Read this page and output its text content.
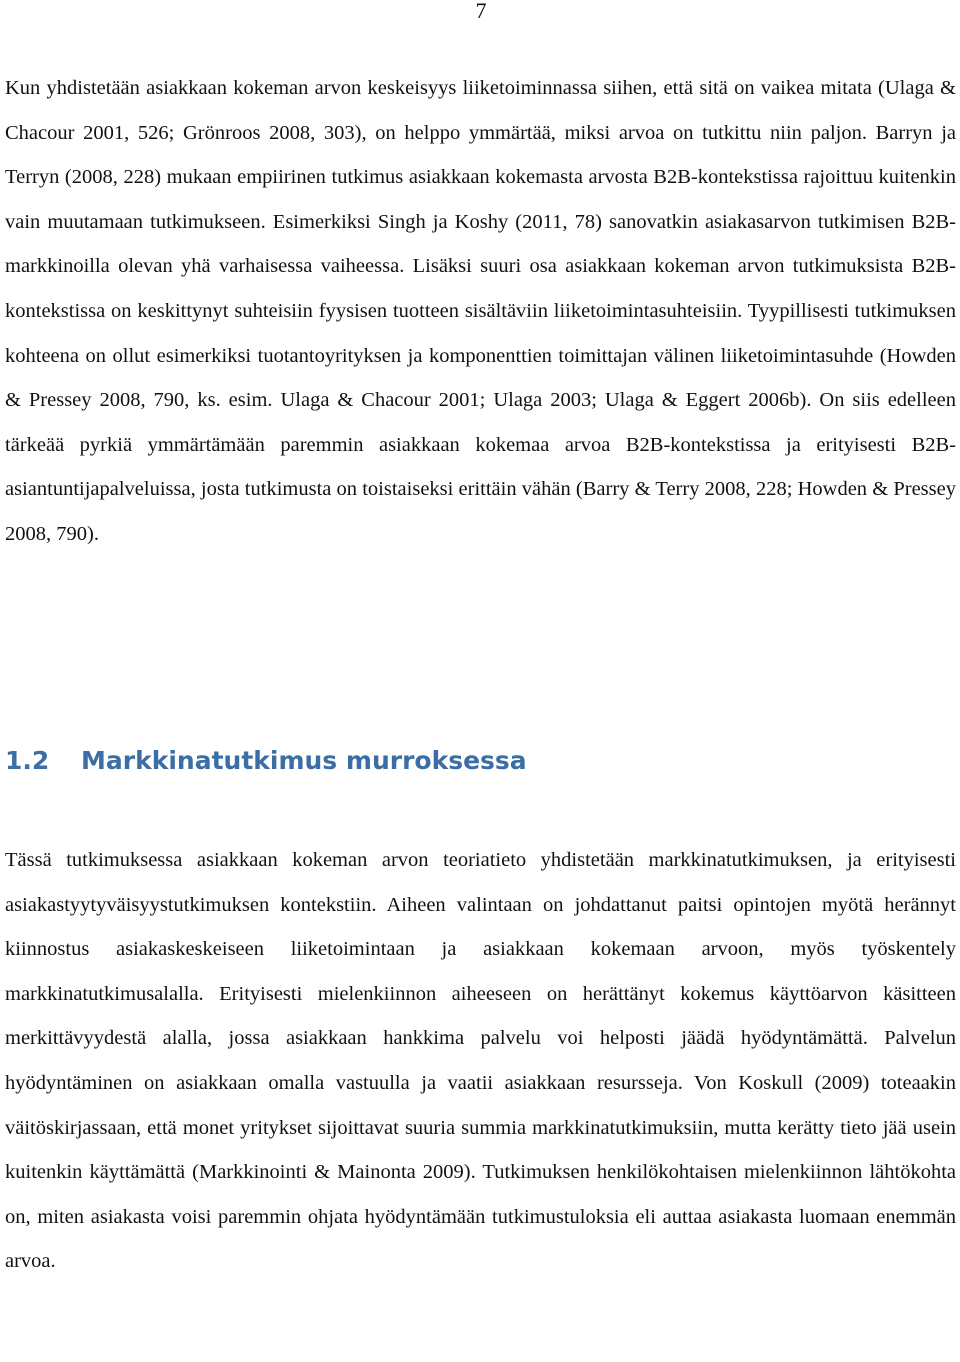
7

Kun yhdistetään asiakkaan kokeman arvon keskeisyys liiketoiminnassa siihen, että sitä on vaikea mitata (Ulaga & Chacour 2001, 526; Grönroos 2008, 303), on helppo ymmärtää, miksi arvoa on tutkittu niin paljon. Barryn ja Terryn (2008, 228) mukaan empiirinen tutkimus asiakkaan kokemasta arvosta B2B-kontekstissa rajoittuu kuitenkin vain muutamaan tutkimukseen. Esimerkiksi Singh ja Koshy (2011, 78) sanovatkin asiakasarvon tutkimisen B2B-markkinoilla olevan yhä varhaisessa vaiheessa. Lisäksi suuri osa asiakkaan kokeman arvon tutkimuksista B2B-kontekstissa on keskittynyt suhteisiin fyysisen tuotteen sisältäviin liiketoimintasuhteisiin. Tyypillisesti tutkimuksen kohteena on ollut esimerkiksi tuotantoyrityksen ja komponenttien toimittajan välinen liiketoimintasuhde (Howden & Pressey 2008, 790, ks. esim. Ulaga & Chacour 2001; Ulaga 2003; Ulaga & Eggert 2006b). On siis edelleen tärkeää pyrkiä ymmärtämään paremmin asiakkaan kokemaa arvoa B2B-kontekstissa ja erityisesti B2B-asiantuntijapalveluissa, josta tutkimusta on toistaiseksi erittäin vähän (Barry & Terry 2008, 228; Howden & Pressey 2008, 790).

1.2 Markkinatutkimus murroksessa

Tässä tutkimuksessa asiakkaan kokeman arvon teoriatieto yhdistetään markkinatutkimuksen, ja erityisesti asiakastyytyväisyystutkimuksen kontekstiin. Aiheen valintaan on johdattanut paitsi opintojen myötä herännyt kiinnostus asiakaskeskeiseen liiketoimintaan ja asiakkaan kokemaan arvoon, myös työskentely markkinatutkimusalalla. Erityisesti mielenkiinnon aiheeseen on herättänyt kokemus käyttöarvon käsitteen merkittävyydestä alalla, jossa asiakkaan hankkima palvelu voi helposti jäädä hyödyntämättä. Palvelun hyödyntäminen on asiakkaan omalla vastuulla ja vaatii asiakkaan resursseja. Von Koskull (2009) toteaakin väitöskirjassaan, että monet yritykset sijoittavat suuria summia markkinatutkimuksiin, mutta kerätty tieto jää usein kuitenkin käyttämättä (Markkinointi & Mainonta 2009). Tutkimuksen henkilökohtaisen mielenkiinnon lähtökohta on, miten asiakasta voisi paremmin ohjata hyödyntämään tutkimustuloksia eli auttaa asiakasta luomaan enemmän arvoa.
